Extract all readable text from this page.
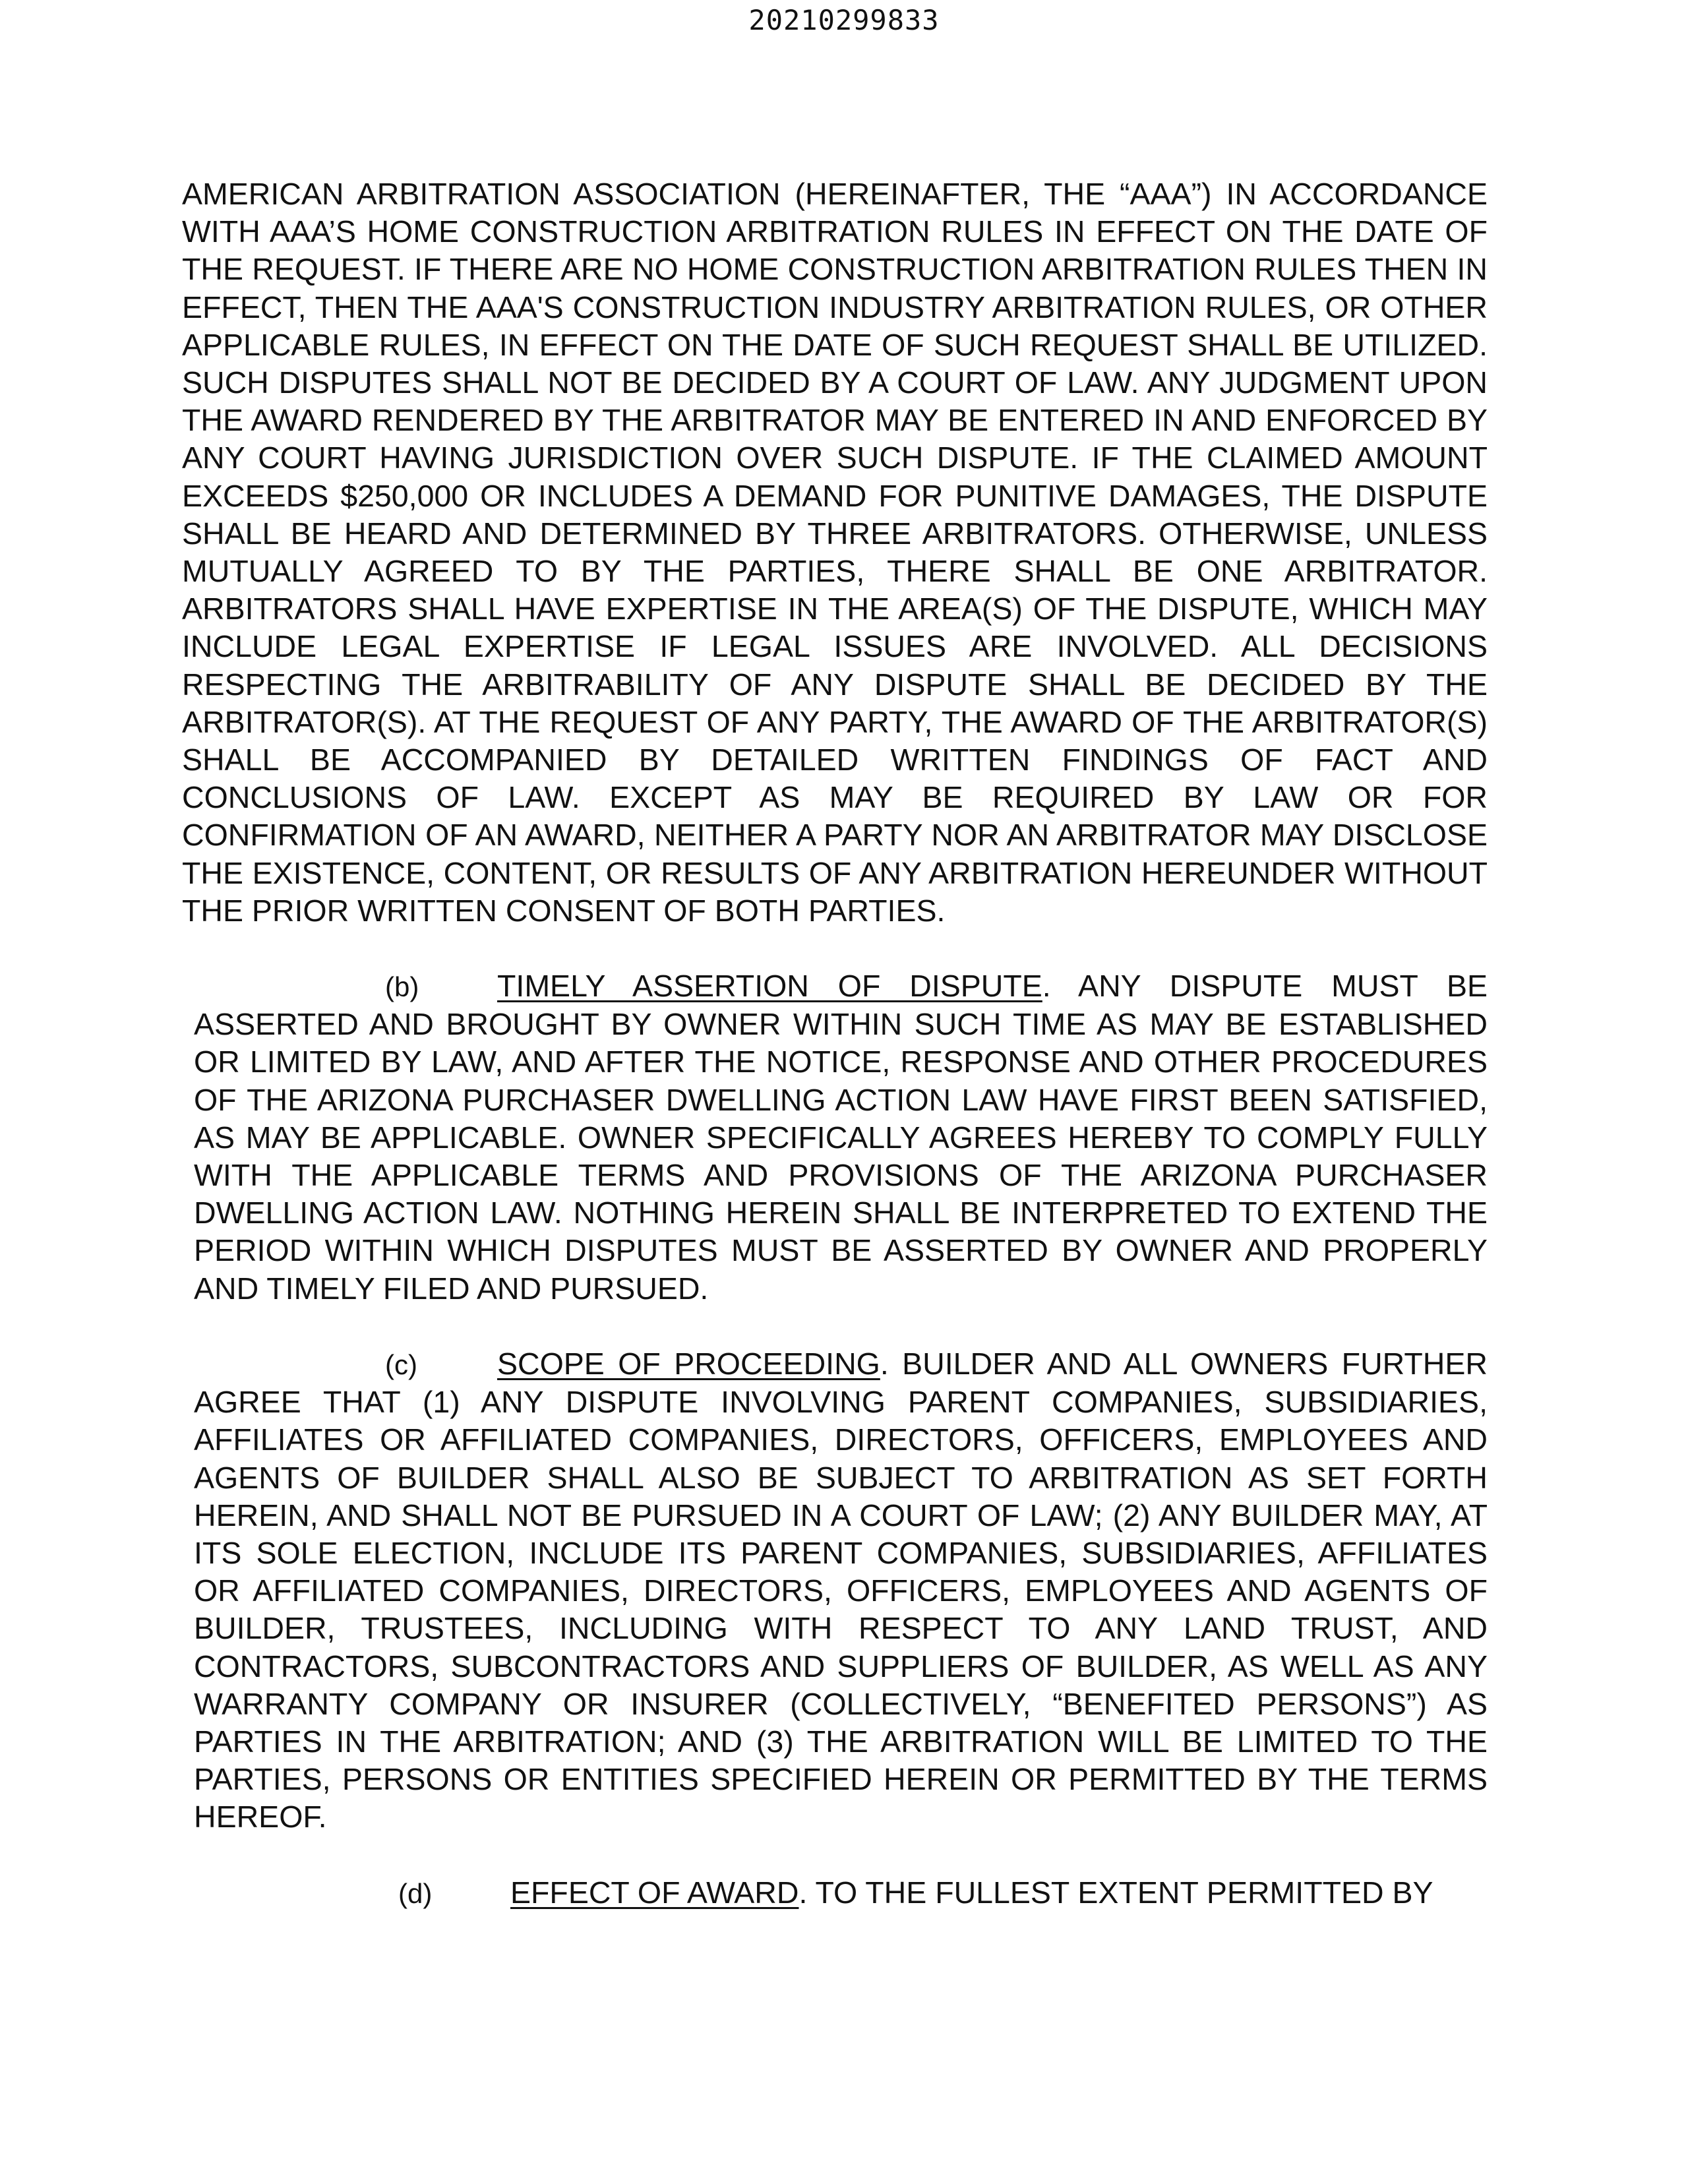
20210299833

AMERICAN ARBITRATION ASSOCIATION (HEREINAFTER, THE “AAA”) IN ACCORDANCE WITH AAA’S HOME CONSTRUCTION ARBITRATION RULES IN EFFECT ON THE DATE OF THE REQUEST. IF THERE ARE NO HOME CONSTRUCTION ARBITRATION RULES THEN IN EFFECT, THEN THE AAA'S CONSTRUCTION INDUSTRY ARBITRATION RULES, OR OTHER APPLICABLE RULES, IN EFFECT ON THE DATE OF SUCH REQUEST SHALL BE UTILIZED. SUCH DISPUTES SHALL NOT BE DECIDED BY A COURT OF LAW. ANY JUDGMENT UPON THE AWARD RENDERED BY THE ARBITRATOR MAY BE ENTERED IN AND ENFORCED BY ANY COURT HAVING JURISDICTION OVER SUCH DISPUTE. IF THE CLAIMED AMOUNT EXCEEDS $250,000 OR INCLUDES A DEMAND FOR PUNITIVE DAMAGES, THE DISPUTE SHALL BE HEARD AND DETERMINED BY THREE ARBITRATORS. OTHERWISE, UNLESS MUTUALLY AGREED TO BY THE PARTIES, THERE SHALL BE ONE ARBITRATOR. ARBITRATORS SHALL HAVE EXPERTISE IN THE AREA(S) OF THE DISPUTE, WHICH MAY INCLUDE LEGAL EXPERTISE IF LEGAL ISSUES ARE INVOLVED. ALL DECISIONS RESPECTING THE ARBITRABILITY OF ANY DISPUTE SHALL BE DECIDED BY THE ARBITRATOR(S). AT THE REQUEST OF ANY PARTY, THE AWARD OF THE ARBITRATOR(S) SHALL BE ACCOMPANIED BY DETAILED WRITTEN FINDINGS OF FACT AND CONCLUSIONS OF LAW. EXCEPT AS MAY BE REQUIRED BY LAW OR FOR CONFIRMATION OF AN AWARD, NEITHER A PARTY NOR AN ARBITRATOR MAY DISCLOSE THE EXISTENCE, CONTENT, OR RESULTS OF ANY ARBITRATION HEREUNDER WITHOUT THE PRIOR WRITTEN CONSENT OF BOTH PARTIES.

(b)	TIMELY ASSERTION OF DISPUTE. ANY DISPUTE MUST BE ASSERTED AND BROUGHT BY OWNER WITHIN SUCH TIME AS MAY BE ESTABLISHED OR LIMITED BY LAW, AND AFTER THE NOTICE, RESPONSE AND OTHER PROCEDURES OF THE ARIZONA PURCHASER DWELLING ACTION LAW HAVE FIRST BEEN SATISFIED, AS MAY BE APPLICABLE. OWNER SPECIFICALLY AGREES HEREBY TO COMPLY FULLY WITH THE APPLICABLE TERMS AND PROVISIONS OF THE ARIZONA PURCHASER DWELLING ACTION LAW. NOTHING HEREIN SHALL BE INTERPRETED TO EXTEND THE PERIOD WITHIN WHICH DISPUTES MUST BE ASSERTED BY OWNER AND PROPERLY AND TIMELY FILED AND PURSUED.

(c)	SCOPE OF PROCEEDING. BUILDER AND ALL OWNERS FURTHER AGREE THAT (1) ANY DISPUTE INVOLVING PARENT COMPANIES, SUBSIDIARIES, AFFILIATES OR AFFILIATED COMPANIES, DIRECTORS, OFFICERS, EMPLOYEES AND AGENTS OF BUILDER SHALL ALSO BE SUBJECT TO ARBITRATION AS SET FORTH HEREIN, AND SHALL NOT BE PURSUED IN A COURT OF LAW; (2) ANY BUILDER MAY, AT ITS SOLE ELECTION, INCLUDE ITS PARENT COMPANIES, SUBSIDIARIES, AFFILIATES OR AFFILIATED COMPANIES, DIRECTORS, OFFICERS, EMPLOYEES AND AGENTS OF BUILDER, TRUSTEES, INCLUDING WITH RESPECT TO ANY LAND TRUST, AND CONTRACTORS, SUBCONTRACTORS AND SUPPLIERS OF BUILDER, AS WELL AS ANY WARRANTY COMPANY OR INSURER (COLLECTIVELY, “BENEFITED PERSONS”) AS PARTIES IN THE ARBITRATION; AND (3) THE ARBITRATION WILL BE LIMITED TO THE PARTIES, PERSONS OR ENTITIES SPECIFIED HEREIN OR PERMITTED BY THE TERMS HEREOF.

(d)	EFFECT OF AWARD. TO THE FULLEST EXTENT PERMITTED BY
